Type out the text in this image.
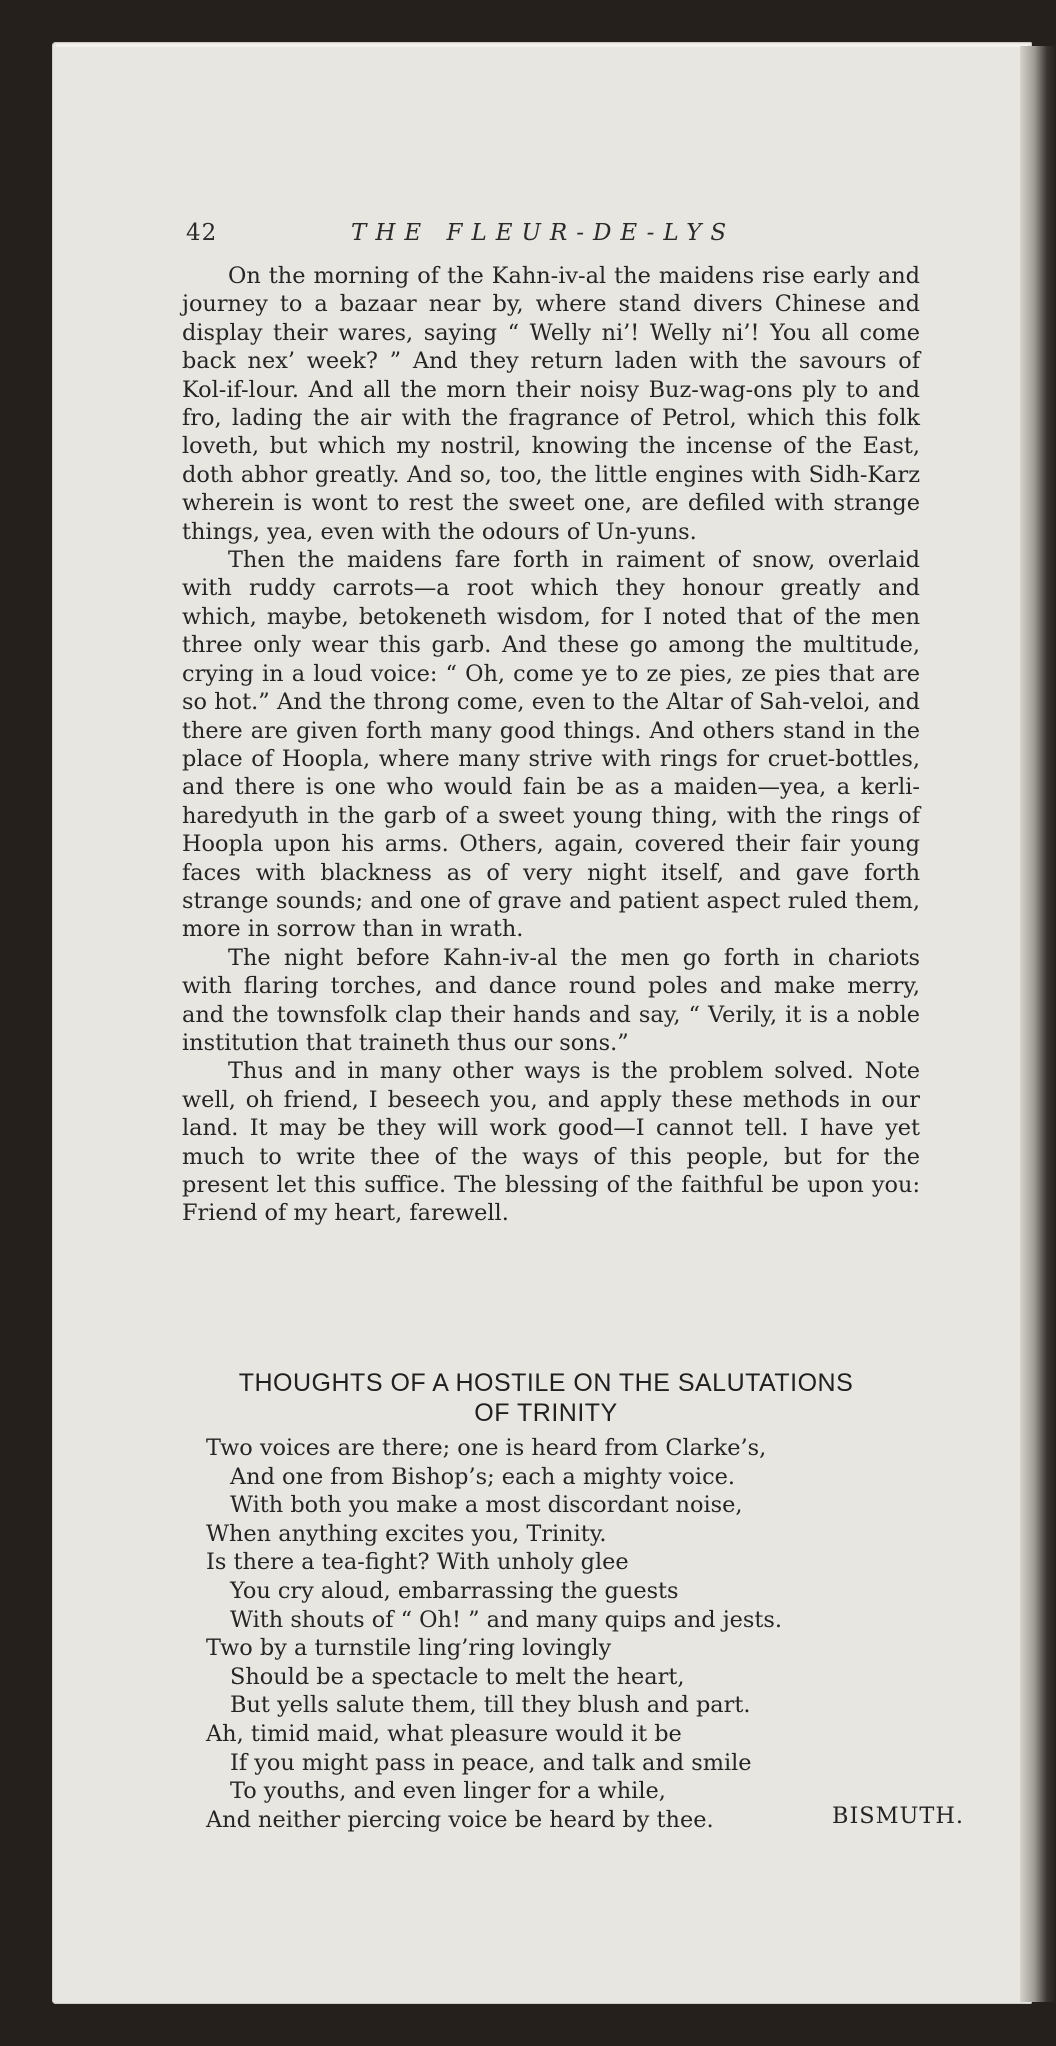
42	THE FLEUR-DE-LYS

On the morning of the Kahn-iv-al the maidens rise early and journey to a bazaar near by, where stand divers Chinese and display their wares, saying “ Welly ni’! Welly ni’! You all come back nex’ week? ” And they return laden with the savours of Kol-if-lour. And all the morn their noisy Buz-wag-ons ply to and fro, lading the air with the fragrance of Petrol, which this folk loveth, but which my nostril, knowing the incense of the East, doth abhor greatly. And so, too, the little engines with Sidh-Karz wherein is wont to rest the sweet one, are defiled with strange things, yea, even with the odours of Un-yuns.

Then the maidens fare forth in raiment of snow, overlaid with ruddy carrots—a root which they honour greatly and which, maybe, betokeneth wisdom, for I noted that of the men three only wear this garb. And these go among the multitude, crying in a loud voice: “ Oh, come ye to ze pies, ze pies that are so hot.” And the throng come, even to the Altar of Sah-veloi, and there are given forth many good things. And others stand in the place of Hoopla, where many strive with rings for cruet-bottles, and there is one who would fain be as a maiden—yea, a kerli-haredyuth in the garb of a sweet young thing, with the rings of Hoopla upon his arms. Others, again, covered their fair young faces with blackness as of very night itself, and gave forth strange sounds; and one of grave and patient aspect ruled them, more in sorrow than in wrath.

The night before Kahn-iv-al the men go forth in chariots with flaring torches, and dance round poles and make merry, and the townsfolk clap their hands and say, “ Verily, it is a noble institution that traineth thus our sons.”

Thus and in many other ways is the problem solved. Note well, oh friend, I beseech you, and apply these methods in our land. It may be they will work good—I cannot tell. I have yet much to write thee of the ways of this people, but for the present let this suffice. The blessing of the faithful be upon you: Friend of my heart, farewell.

THOUGHTS OF A HOSTILE ON THE SALUTATIONS
OF TRINITY
Two voices are there; one is heard from Clarke’s,
And one from Bishop’s; each a mighty voice.
With both you make a most discordant noise,
When anything excites you, Trinity.
Is there a tea-fight? With unholy glee
You cry aloud, embarrassing the guests
With shouts of “ Oh! ” and many quips and jests.
Two by a turnstile ling’ring lovingly
Should be a spectacle to melt the heart,
But yells salute them, till they blush and part.
Ah, timid maid, what pleasure would it be
If you might pass in peace, and talk and smile
To youths, and even linger for a while,
And neither piercing voice be heard by thee.	BISMUTH.
